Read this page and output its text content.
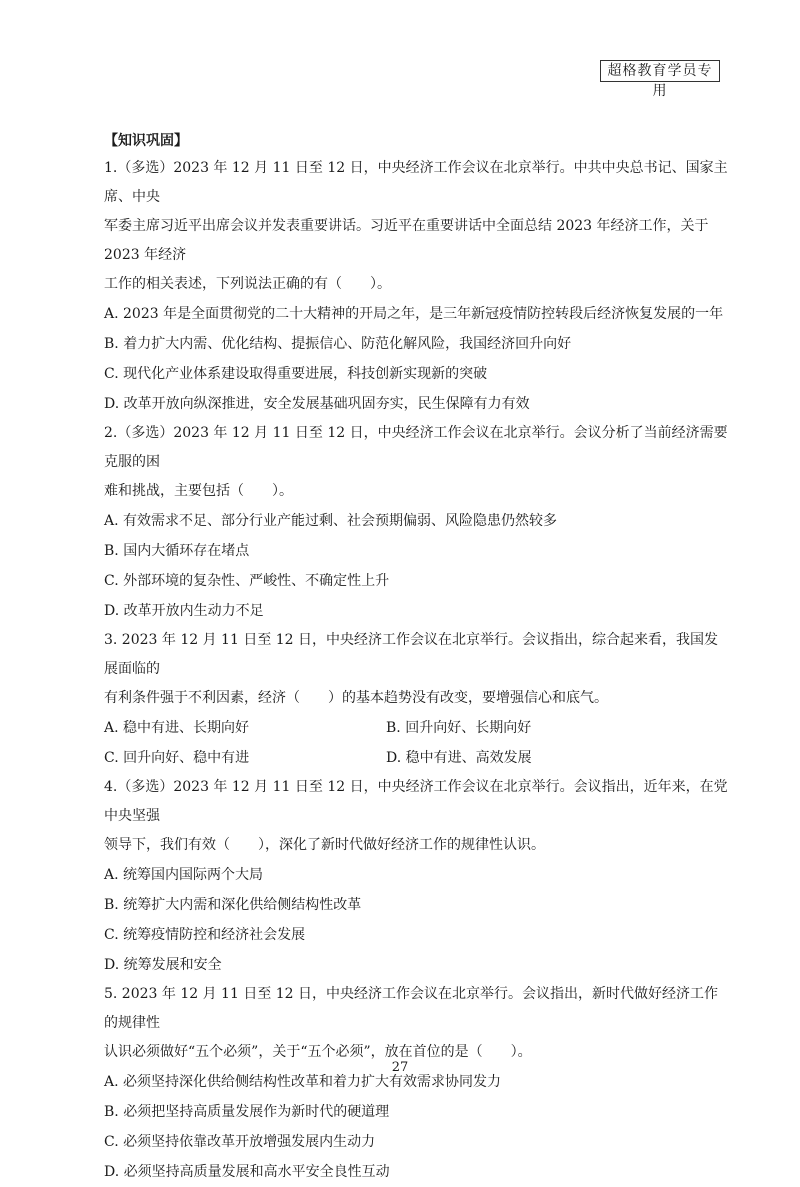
超格教育学员专用
【知识巩固】

1.（多选）2023 年 12 月 11 日至 12 日，中央经济工作会议在北京举行。中共中央总书记、国家主席、中央

军委主席习近平出席会议并发表重要讲话。习近平在重要讲话中全面总结 2023 年经济工作，关于 2023 年经济

工作的相关表述，下列说法正确的有（　　）。

A. 2023 年是全面贯彻党的二十大精神的开局之年，是三年新冠疫情防控转段后经济恢复发展的一年

B. 着力扩大内需、优化结构、提振信心、防范化解风险，我国经济回升向好

C. 现代化产业体系建设取得重要进展，科技创新实现新的突破

D. 改革开放向纵深推进，安全发展基础巩固夯实，民生保障有力有效

2.（多选）2023 年 12 月 11 日至 12 日，中央经济工作会议在北京举行。会议分析了当前经济需要克服的困

难和挑战，主要包括（　　）。

A. 有效需求不足、部分行业产能过剩、社会预期偏弱、风险隐患仍然较多

B. 国内大循环存在堵点

C. 外部环境的复杂性、严峻性、不确定性上升

D. 改革开放内生动力不足

3. 2023 年 12 月 11 日至 12 日，中央经济工作会议在北京举行。会议指出，综合起来看，我国发展面临的

有利条件强于不利因素，经济（　　）的基本趋势没有改变，要增强信心和底气。

A. 稳中有进、长期向好	B. 回升向好、长期向好
C. 回升向好、稳中有进	D. 稳中有进、高效发展

4.（多选）2023 年 12 月 11 日至 12 日，中央经济工作会议在北京举行。会议指出，近年来，在党中央坚强

领导下，我们有效（　　），深化了新时代做好经济工作的规律性认识。

A. 统筹国内国际两个大局

B. 统筹扩大内需和深化供给侧结构性改革

C. 统筹疫情防控和经济社会发展

D. 统筹发展和安全

5. 2023 年 12 月 11 日至 12 日，中央经济工作会议在北京举行。会议指出，新时代做好经济工作的规律性

认识必须做好“五个必须”，关于“五个必须”，放在首位的是（　　）。

A. 必须坚持深化供给侧结构性改革和着力扩大有效需求协同发力

B. 必须把坚持高质量发展作为新时代的硬道理

C. 必须坚持依靠改革开放增强发展内生动力

D. 必须坚持高质量发展和高水平安全良性互动

27
